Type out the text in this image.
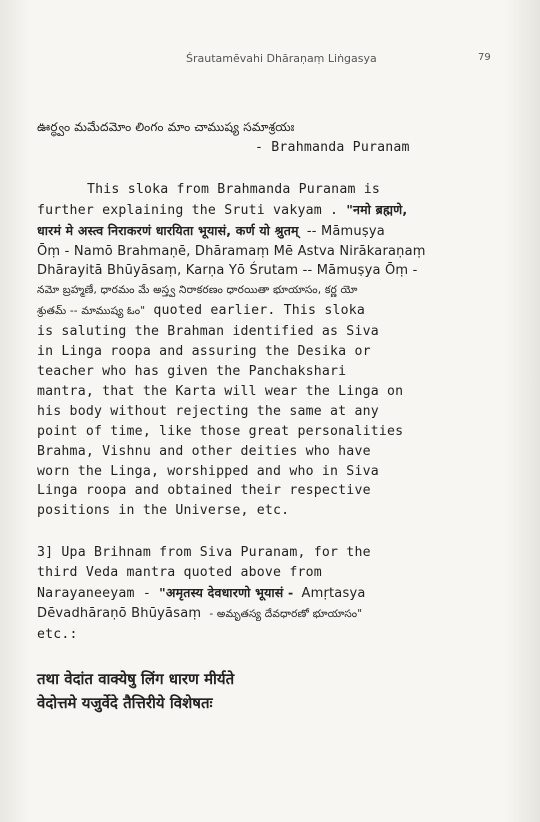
Śrautamēvahi Dhāraṇaṃ Liṅgasya	79
ఊర్ధ్వం మమేదమోం లింగం మాం చాముష్య సమాశ్రయః
- Brahmanda Puranam
This sloka from Brahmanda Puranam is
further explaining the Sruti vakyam . "नमो ब्रह्मणे,
धारमं मे अस्त्व निराकरणं धारयिता भूयासं, कर्ण यो श्रुतम् -- Māmuṣya
Ōṃ - Namō Brahmaṇē, Dhāramaṃ Mē Astva Nirākaraṇaṃ
Dhārayitā Bhūyāsaṃ, Karṇa Yō Śrutam -- Māmuṣya Ōṃ -
నమో బ్రహ్మణే, ధారమం మే అస్త్వ నిరాకరణం ధారయితా భూయాసం, కర్ణ యో
శ్రుతమ్ -- మాముష్య ఓం" quoted earlier. This sloka
is saluting the Brahman identified as Siva
in Linga roopa and assuring the Desika or
teacher who has given the Panchakshari
mantra, that the Karta will wear the Linga on
his body without rejecting the same at any
point of time, like those great personalities
Brahma, Vishnu and other deities who have
worn the Linga, worshipped and who in Siva
Linga roopa and obtained their respective
positions in the Universe, etc.
3] Upa Brihnam from Siva Puranam, for the
third Veda mantra quoted above from
Narayaneeyam - "अमृतस्य देवधारणो भूयासं - Amṛtasya
Dēvadhāraṇō Bhūyāsaṃ - అమృతస్య దేవధారణో భూయాసం"
etc.:
तथा वेदांत वाक्येषु लिंग धारण मीर्यते
वेदोत्तमे यजुर्वेदे तैत्तिरीये विशेषतः
